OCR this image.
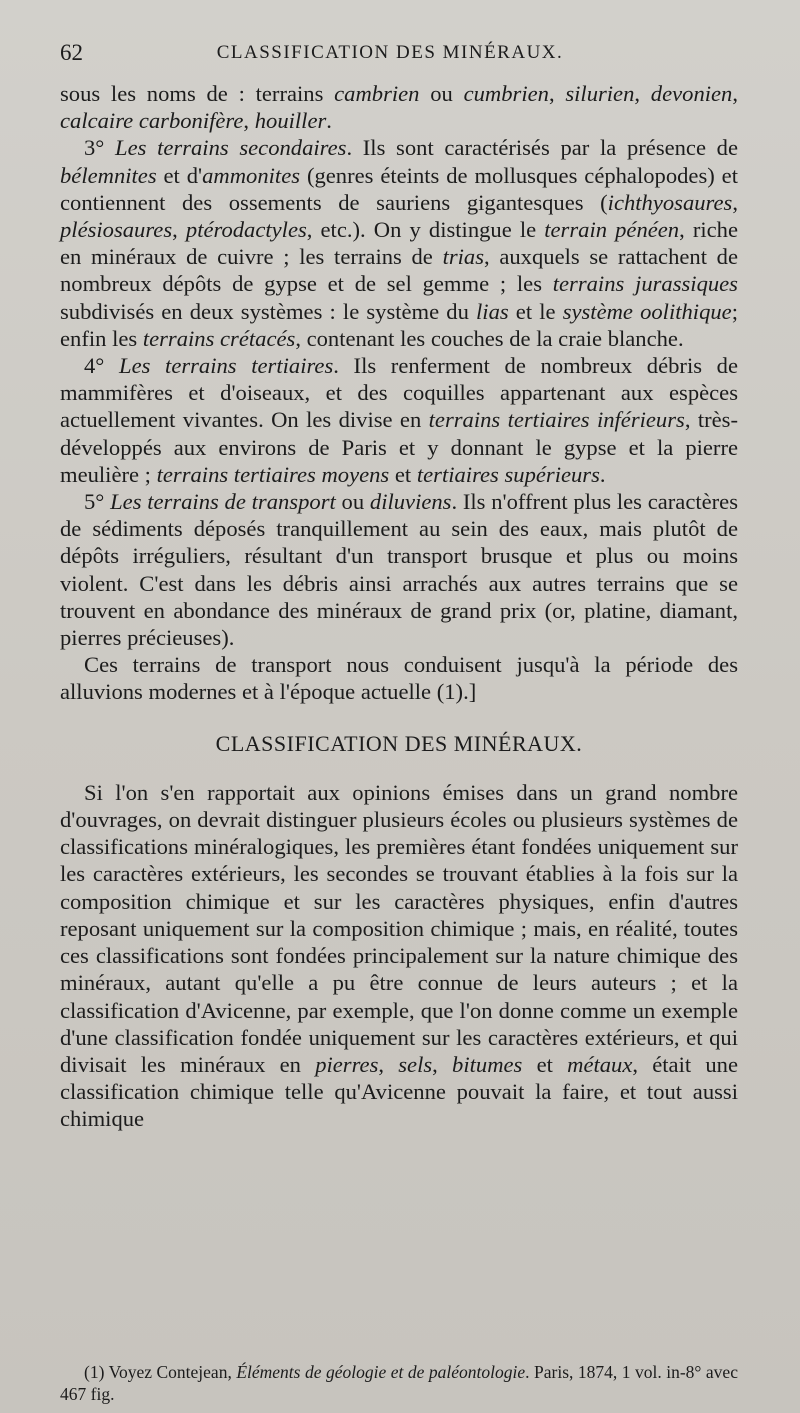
62	CLASSIFICATION DES MINÉRAUX.

sous les noms de : terrains cambrien ou cumbrien, silurien, devonien, calcaire carbonifère, houiller.

3° Les terrains secondaires. Ils sont caractérisés par la présence de bélemnites et d'ammonites (genres éteints de mollusques céphalopodes) et contiennent des ossements de sauriens gigantesques (ichthyosaures, plésiosaures, ptérodactyles, etc.). On y distingue le terrain pénéen, riche en minéraux de cuivre ; les terrains de trias, auxquels se rattachent de nombreux dépôts de gypse et de sel gemme ; les terrains jurassiques subdivisés en deux systèmes : le système du lias et le système oolithique; enfin les terrains crétacés, contenant les couches de la craie blanche.

4° Les terrains tertiaires. Ils renferment de nombreux débris de mammifères et d'oiseaux, et des coquilles appartenant aux espèces actuellement vivantes. On les divise en terrains tertiaires inférieurs, très-développés aux environs de Paris et y donnant le gypse et la pierre meulière ; terrains tertiaires moyens et tertiaires supérieurs.

5° Les terrains de transport ou diluviens. Ils n'offrent plus les caractères de sédiments déposés tranquillement au sein des eaux, mais plutôt de dépôts irréguliers, résultant d'un transport brusque et plus ou moins violent. C'est dans les débris ainsi arrachés aux autres terrains que se trouvent en abondance des minéraux de grand prix (or, platine, diamant, pierres précieuses).

Ces terrains de transport nous conduisent jusqu'à la période des alluvions modernes et à l'époque actuelle (1).]

CLASSIFICATION DES MINÉRAUX.

Si l'on s'en rapportait aux opinions émises dans un grand nombre d'ouvrages, on devrait distinguer plusieurs écoles ou plusieurs systèmes de classifications minéralogiques, les premières étant fondées uniquement sur les caractères extérieurs, les secondes se trouvant établies à la fois sur la composition chimique et sur les caractères physiques, enfin d'autres reposant uniquement sur la composition chimique ; mais, en réalité, toutes ces classifications sont fondées principalement sur la nature chimique des minéraux, autant qu'elle a pu être connue de leurs auteurs ; et la classification d'Avicenne, par exemple, que l'on donne comme un exemple d'une classification fondée uniquement sur les caractères extérieurs, et qui divisait les minéraux en pierres, sels, bitumes et métaux, était une classification chimique telle qu'Avicenne pouvait la faire, et tout aussi chimique

(1) Voyez Contejean, Éléments de géologie et de paléontologie. Paris, 1874, 1 vol. in-8° avec 467 fig.
